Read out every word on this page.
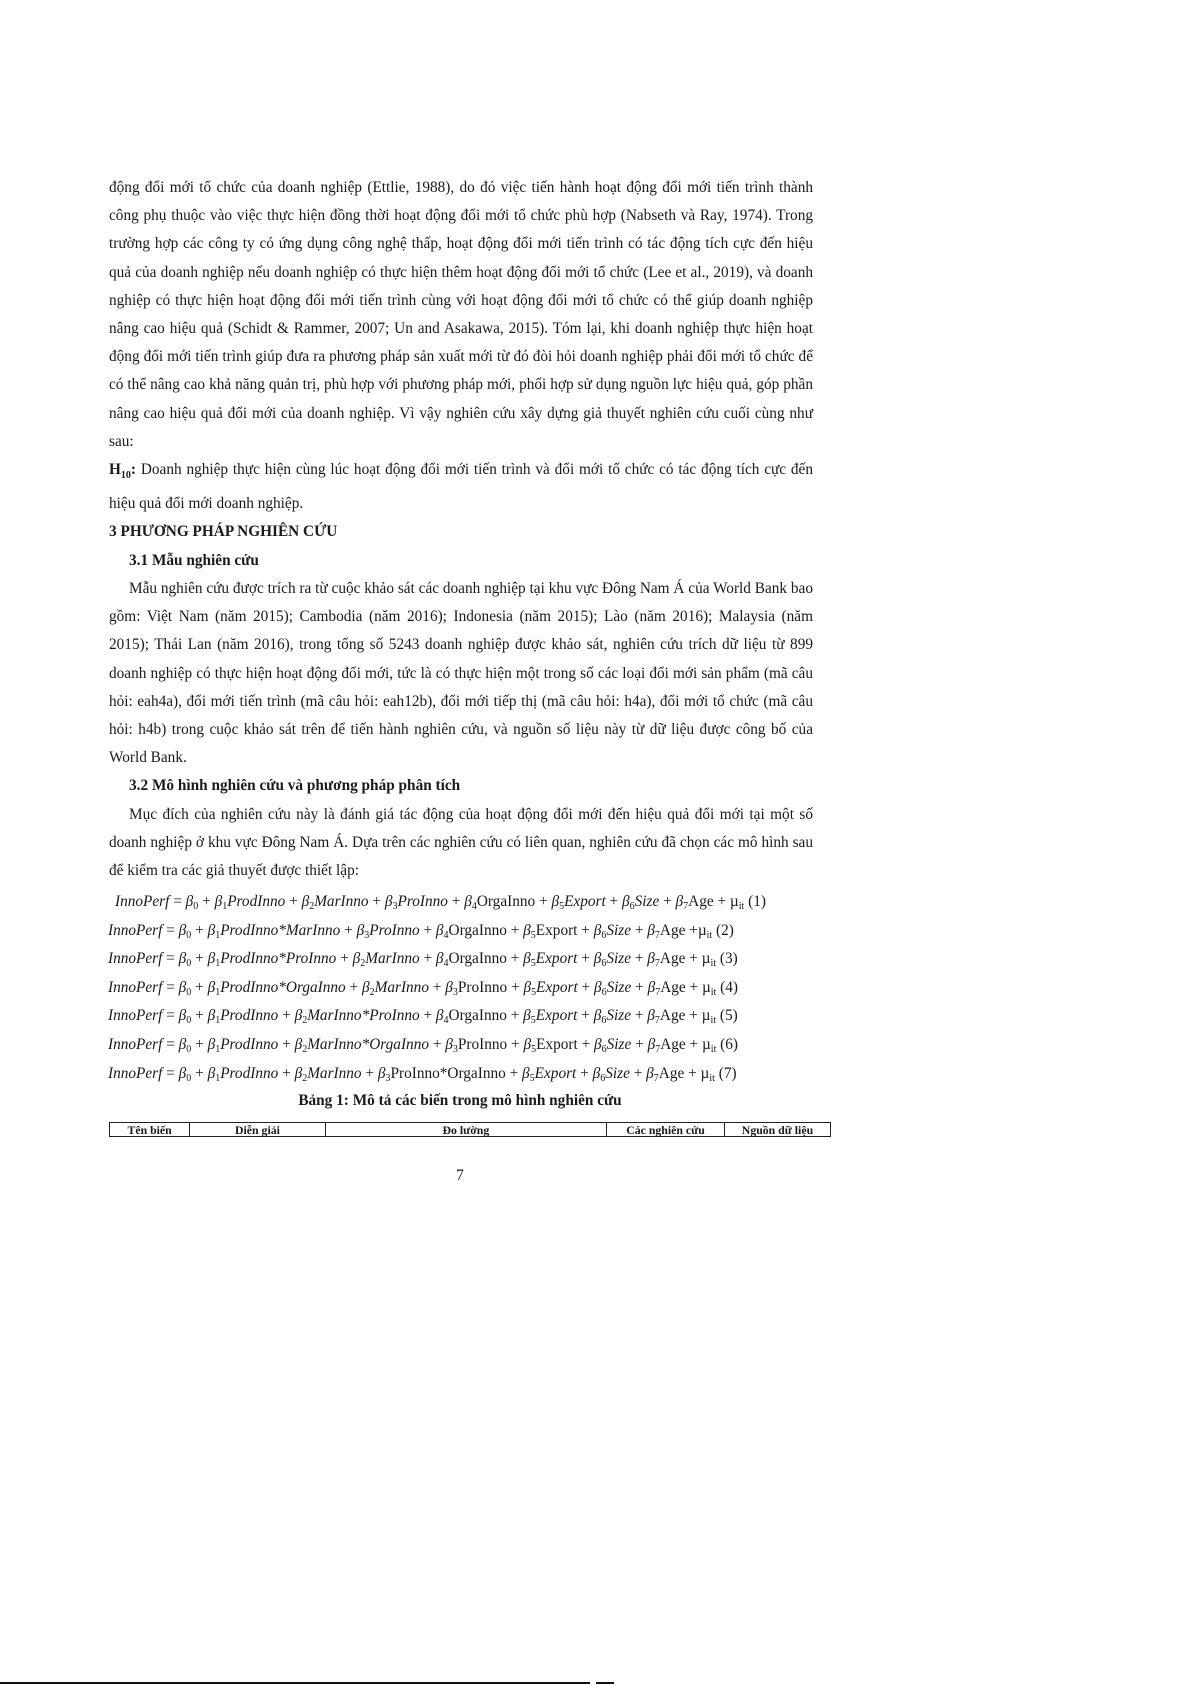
động đổi mới tổ chức của doanh nghiệp (Ettlie, 1988), do đó việc tiến hành hoạt động đổi mới tiến trình thành công phụ thuộc vào việc thực hiện đồng thời hoạt động đổi mới tổ chức phù hợp (Nabseth và Ray, 1974). Trong trường hợp các công ty có ứng dụng công nghệ thấp, hoạt động đổi mới tiến trình có tác động tích cực đến hiệu quả của doanh nghiệp nếu doanh nghiệp có thực hiện thêm hoạt động đổi mới tổ chức (Lee et al., 2019), và doanh nghiệp có thực hiện hoạt động đổi mới tiến trình cùng với hoạt động đổi mới tổ chức có thể giúp doanh nghiệp nâng cao hiệu quả (Schidt & Rammer, 2007; Un and Asakawa, 2015). Tóm lại, khi doanh nghiệp thực hiện hoạt động đổi mới tiến trình giúp đưa ra phương pháp sản xuất mới từ đó đòi hỏi doanh nghiệp phải đổi mới tổ chức để có thể nâng cao khả năng quản trị, phù hợp với phương pháp mới, phối hợp sử dụng nguồn lực hiệu quả, góp phần nâng cao hiệu quả đổi mới của doanh nghiệp. Vì vậy nghiên cứu xây dựng giả thuyết nghiên cứu cuối cùng như sau:

$H_{10}$: Doanh nghiệp thực hiện cùng lúc hoạt động đổi mới tiến trình và đổi mới tổ chức có tác động tích cực đến hiệu quả đổi mới doanh nghiệp.

3 PHƯƠNG PHÁP NGHIÊN CỨU

3.1 Mẫu nghiên cứu

Mẫu nghiên cứu được trích ra từ cuộc khảo sát các doanh nghiệp tại khu vực Đông Nam Á của World Bank bao gồm: Việt Nam (năm 2015); Cambodia (năm 2016); Indonesia (năm 2015); Lào (năm 2016); Malaysia (năm 2015); Thái Lan (năm 2016), trong tổng số 5243 doanh nghiệp được khảo sát, nghiên cứu trích dữ liệu từ 899 doanh nghiệp có thực hiện hoạt động đổi mới, tức là có thực hiện một trong số các loại đổi mới sản phẩm (mã câu hỏi: eah4a), đổi mới tiến trình (mã câu hỏi: eah12b), đổi mới tiếp thị (mã câu hỏi: h4a), đổi mới tổ chức (mã câu hỏi: h4b) trong cuộc khảo sát trên để tiến hành nghiên cứu, và nguồn số liệu này từ dữ liệu được công bố của World Bank.

3.2 Mô hình nghiên cứu và phương pháp phân tích

Mục đích của nghiên cứu này là đánh giá tác động của hoạt động đổi mới đến hiệu quả đổi mới tại một số doanh nghiệp ở khu vực Đông Nam Á. Dựa trên các nghiên cứu có liên quan, nghiên cứu đã chọn các mô hình sau để kiểm tra các giả thuyết được thiết lập:

InnoPerf = $\beta_0$ + $\beta_1ProdInno$ + $\beta_2MarInno$ + $\beta_3ProInno$ + $\beta_4OrgaInno$ + $\beta_5Export$ + $\beta_6Size + \beta_7Age + \mu_{it}$ (1)
InnoPerf = $\beta_0$ + $\beta_1ProdInno*MarInno$ + $\beta_3ProInno$ + $\beta_4OrgaInno$ + $\beta_5Export$ + $\beta_6Size + \beta_7Age +\mu_{it}$ (2)
InnoPerf = $\beta_0$ + $\beta_1ProdInno*ProInno$ + $\beta_2MarInno$ + $\beta_4OrgaInno$ + $\beta_5Export$ + $\beta_6Size + \beta_7Age + \mu_{it}$ (3)
InnoPerf = $\beta_0$ + $\beta_1ProdInno*OrgaInno$ + $\beta_2MarInno$ + $\beta_3ProInno$ + $\beta_5Export$ + $\beta_6Size + \beta_7Age + \mu_{it}$ (4)
InnoPerf = $\beta_0$ + $\beta_1ProdInno$ + $\beta_2MarInno*ProInno$ + $\beta_4OrgaInno$ + $\beta_5Export$ + $\beta_6Size + \beta_7Age + \mu_{it}$ (5)
InnoPerf = $\beta_0$ + $\beta_1ProdInno$ + $\beta_2MarInno*OrgaInno$ + $\beta_3ProInno$ + $\beta_5Export$ + $\beta_6Size + \beta_7Age + \mu_{it}$ (6)
InnoPerf = $\beta_0$ + $\beta_1ProdInno$ + $\beta_2MarInno$ + $\beta_3ProInno*OrgaInno$ + $\beta_5Export$ + $\beta_6Size + \beta_7Age + \mu_{it}$ (7)
Bảng 1: Mô tả các biến trong mô hình nghiên cứu
Tên biến	Diễn giải	Đo lường	Các nghiên cứu	Nguồn dữ liệu
7
